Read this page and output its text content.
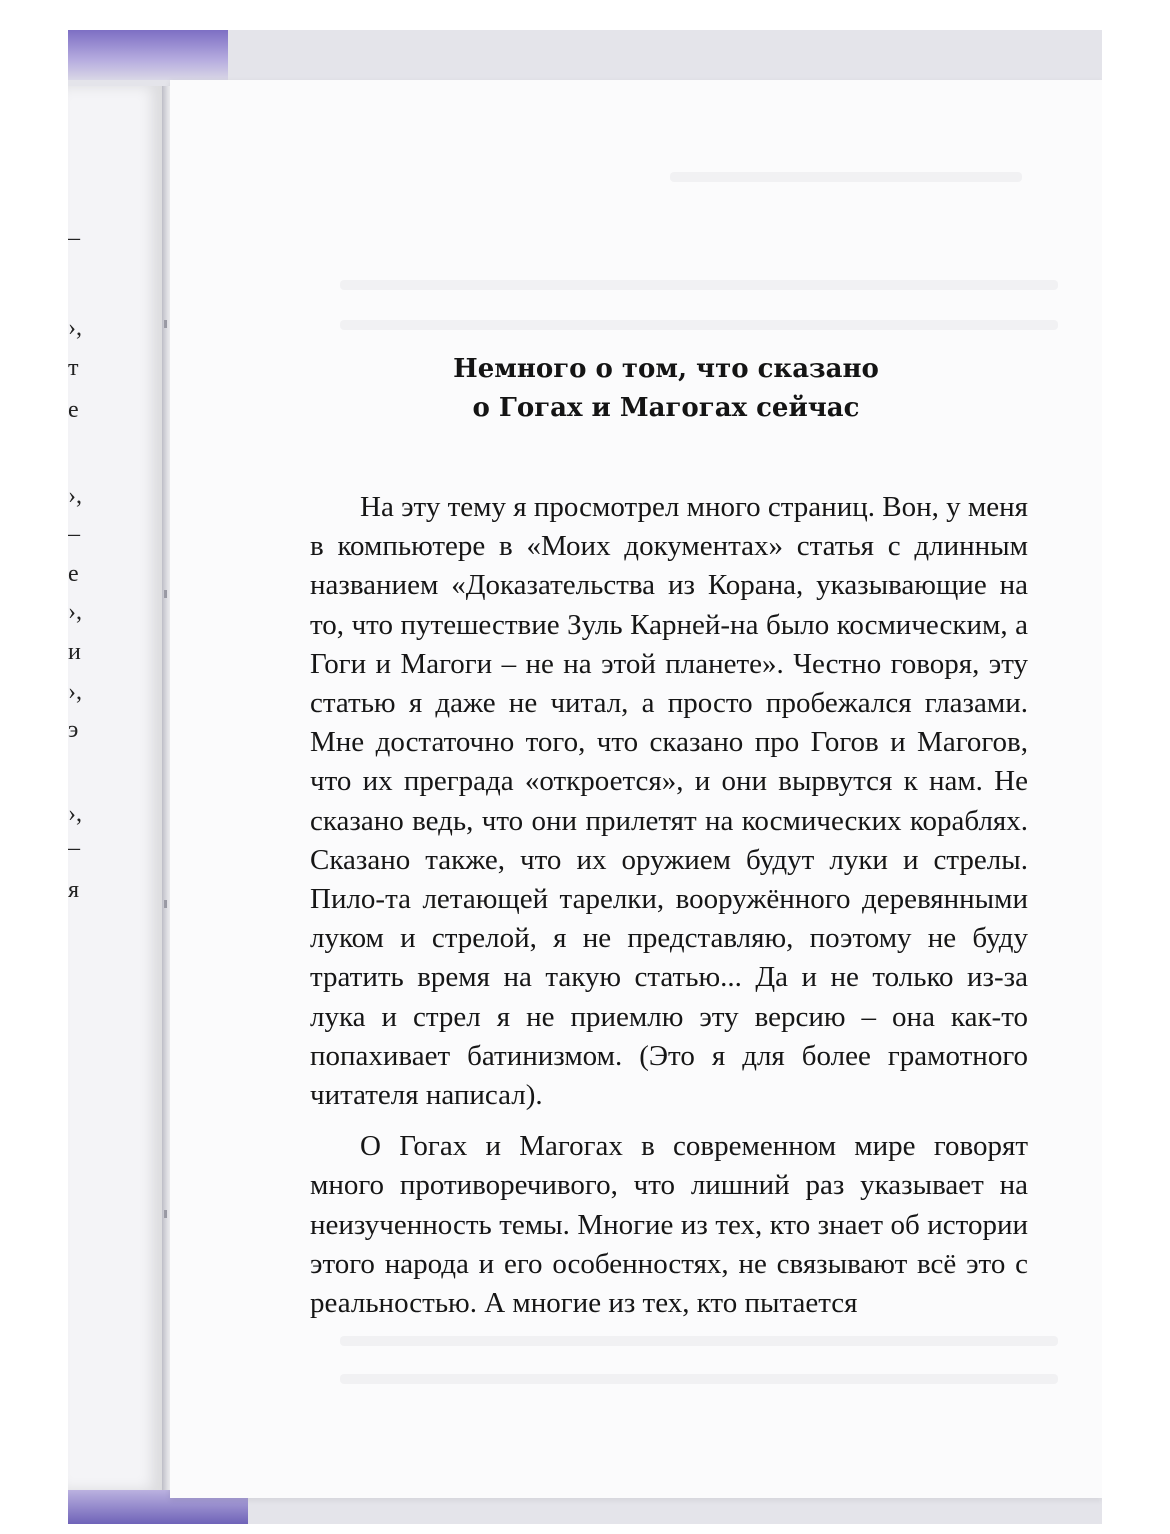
–
›,
т
е
›,
–
е
›,
и
›,
э
›,
–
я
Немного о том, что сказано
о Гогах и Магогах сейчас

На эту тему я просмотрел много страниц. Вон, у меня в компьютере в «Моих документах» статья с длинным названием «Доказательства из Корана, указывающие на то, что путешествие Зуль Карней-на было космическим, а Гоги и Магоги – не на этой планете». Честно говоря, эту статью я даже не читал, а просто пробежался глазами. Мне достаточно того, что сказано про Гогов и Магогов, что их преграда «откроется», и они вырвутся к нам. Не сказано ведь, что они прилетят на космических кораблях. Сказано также, что их оружием будут луки и стрелы. Пило-та летающей тарелки, вооружённого деревянными луком и стрелой, я не представляю, поэтому не буду тратить время на такую статью... Да и не только из-за лука и стрел я не приемлю эту версию – она как-то попахивает батинизмом. (Это я для более грамотного читателя написал).

О Гогах и Магогах в современном мире говорят много противоречивого, что лишний раз указывает на неизученность темы. Многие из тех, кто знает об истории этого народа и его особенностях, не связывают всё это с реальностью. А многие из тех, кто пытается
